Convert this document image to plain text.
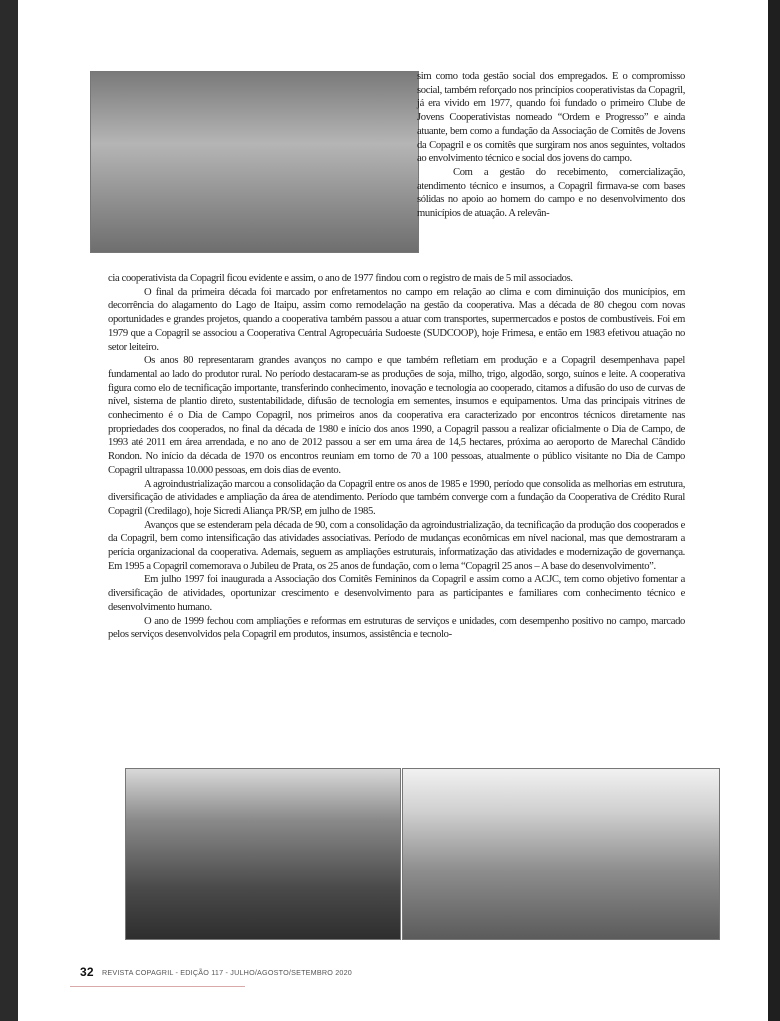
sim como toda gestão social dos empregados. E o compromisso social, também reforçado nos princípios cooperativistas da Copagril, já era vivido em 1977, quando foi fundado o primeiro Clube de Jovens Cooperativistas nomeado “Ordem e Progresso” e ainda atuante, bem como a fundação da Associação de Comitês de Jovens da Copagril e os comitês que surgiram nos anos seguintes, voltados ao envolvimento técnico e social dos jovens do campo.

Com a gestão do recebimento, comercialização, atendimento técnico e insumos, a Copagril firmava-se com bases sólidas no apoio ao homem do campo e no desenvolvimento dos municípios de atuação. A relevân-

cia cooperativista da Copagril ficou evidente e assim, o ano de 1977 findou com o registro de mais de 5 mil associados.

O final da primeira década foi marcado por enfretamentos no campo em relação ao clima e com diminuição dos municípios, em decorrência do alagamento do Lago de Itaipu, assim como remodelação na gestão da cooperativa. Mas a década de 80 chegou com novas oportunidades e grandes projetos, quando a cooperativa também passou a atuar com transportes, supermercados e postos de combustíveis. Foi em 1979 que a Copagril se associou a Cooperativa Central Agropecuária Sudoeste (SUDCOOP), hoje Frimesa, e então em 1983 efetivou atuação no setor leiteiro.

Os anos 80 representaram grandes avanços no campo e que também refletiam em produção e a Copagril desempenhava papel fundamental ao lado do produtor rural. No período destacaram-se as produções de soja, milho, trigo, algodão, sorgo, suínos e leite. A cooperativa figura como elo de tecnificação importante, transferindo conhecimento, inovação e tecnologia ao cooperado, citamos a difusão do uso de curvas de nível, sistema de plantio direto, sustentabilidade, difusão de tecnologia em sementes, insumos e equipamentos. Uma das principais vitrines de conhecimento é o Dia de Campo Copagril, nos primeiros anos da cooperativa era caracterizado por encontros técnicos diretamente nas propriedades dos cooperados, no final da década de 1980 e início dos anos 1990, a Copagril passou a realizar oficialmente o Dia de Campo, de 1993 até 2011 em área arrendada, e no ano de 2012 passou a ser em uma área de 14,5 hectares, próxima ao aeroporto de Marechal Cândido Rondon. No início da década de 1970 os encontros reuniam em torno de 70 a 100 pessoas, atualmente o público visitante no Dia de Campo Copagril ultrapassa 10.000 pessoas, em dois dias de evento.

A agroindustrialização marcou a consolidação da Copagril entre os anos de 1985 e 1990, período que consolida as melhorias em estrutura, diversificação de atividades e ampliação da área de atendimento. Período que também converge com a fundação da Cooperativa de Crédito Rural Copagril (Credilago), hoje Sicredi Aliança PR/SP, em julho de 1985.

Avanços que se estenderam pela década de 90, com a consolidação da agroindustrialização, da tecnificação da produção dos cooperados e da Copagril, bem como intensificação das atividades associativas. Período de mudanças econômicas em nível nacional, mas que demostraram a perícia organizacional da cooperativa. Ademais, seguem as ampliações estruturais, informatização das atividades e modernização de governança. Em 1995 a Copagril comemorava o Jubileu de Prata, os 25 anos de fundação, com o lema “Copagril 25 anos – A base do desenvolvimento”.

Em julho 1997 foi inaugurada a Associação dos Comitês Femininos da Copagril e assim como a ACJC, tem como objetivo fomentar a diversificação de atividades, oportunizar crescimento e desenvolvimento para as participantes e familiares com conhecimento técnico e desenvolvimento humano.

O ano de 1999 fechou com ampliações e reformas em estruturas de serviços e unidades, com desempenho positivo no campo, marcado pelos serviços desenvolvidos pela Copagril em produtos, insumos, assistência e tecnolo-

32 REVISTA COPAGRIL - EDIÇÃO 117 - JULHO/AGOSTO/SETEMBRO 2020
